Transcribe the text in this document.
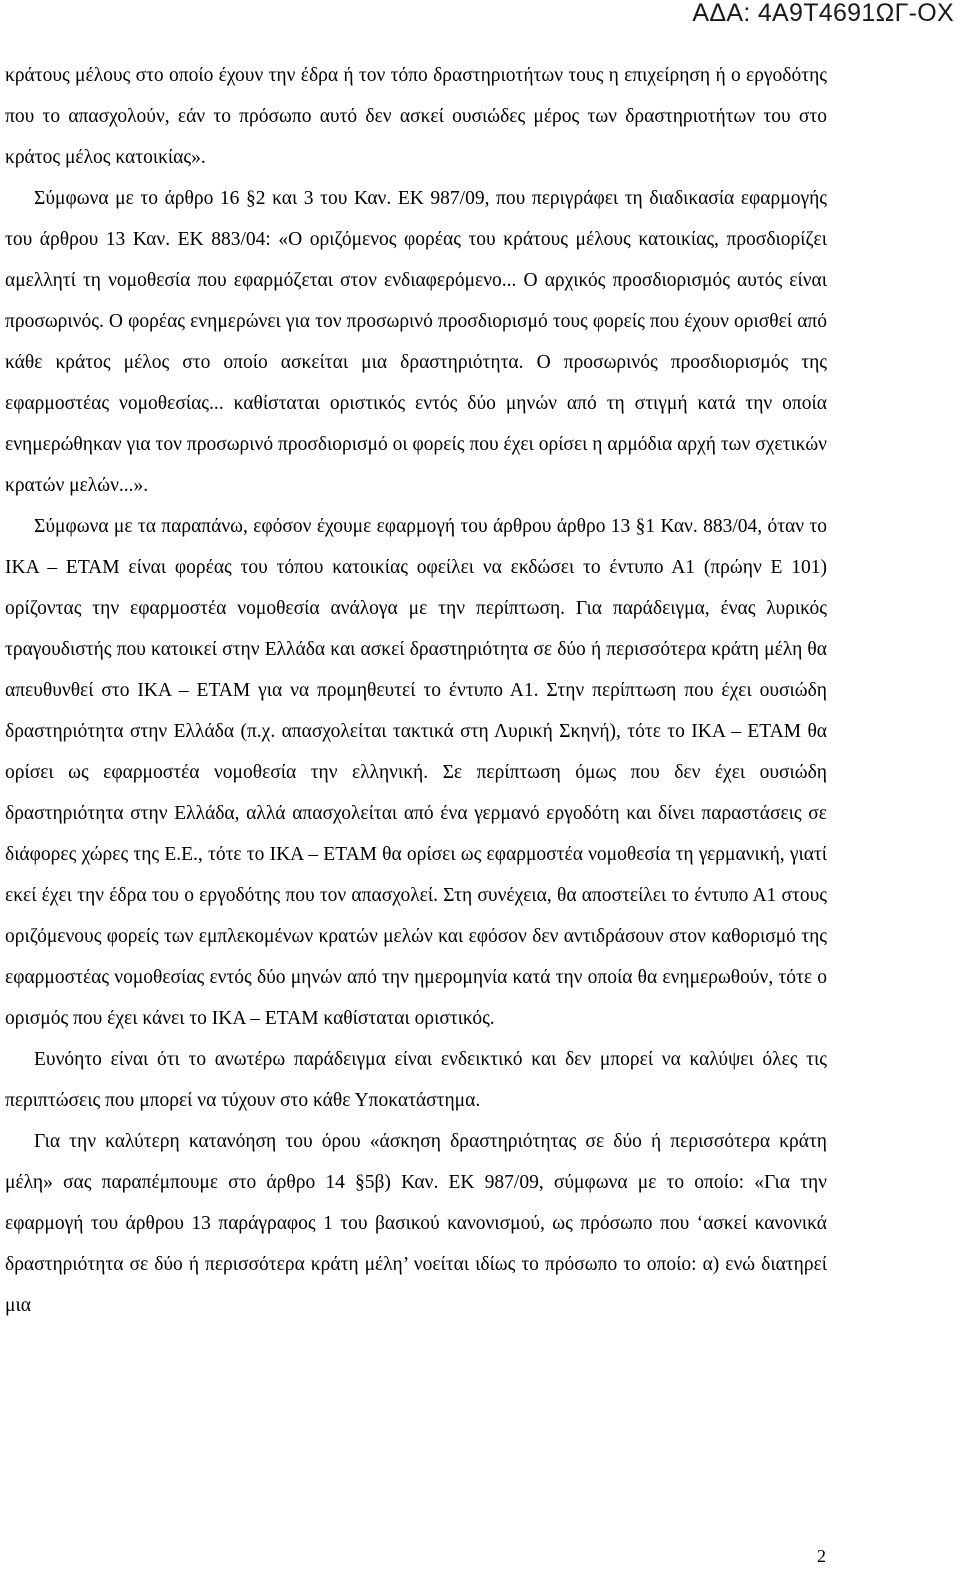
ΑΔΑ: 4Α9Τ4691ΩΓ-ΟΧ

κράτους μέλους στο οποίο έχουν την έδρα ή τον τόπο δραστηριοτήτων τους η επιχείρηση ή ο εργοδότης που το απασχολούν, εάν το πρόσωπο αυτό δεν ασκεί ουσιώδες μέρος των δραστηριοτήτων του στο κράτος μέλος κατοικίας».

Σύμφωνα με το άρθρο 16 §2 και 3 του Καν. ΕΚ 987/09, που περιγράφει τη διαδικασία εφαρμογής του άρθρου 13 Καν. ΕΚ 883/04: «Ο οριζόμενος φορέας του κράτους μέλους κατοικίας, προσδιορίζει αμελλητί τη νομοθεσία που εφαρμόζεται στον ενδιαφερόμενο... Ο αρχικός προσδιορισμός αυτός είναι προσωρινός. Ο φορέας ενημερώνει για τον προσωρινό προσδιορισμό τους φορείς που έχουν ορισθεί από κάθε κράτος μέλος στο οποίο ασκείται μια δραστηριότητα. Ο προσωρινός προσδιορισμός της εφαρμοστέας νομοθεσίας... καθίσταται οριστικός εντός δύο μηνών από τη στιγμή κατά την οποία ενημερώθηκαν για τον προσωρινό προσδιορισμό οι φορείς που έχει ορίσει η αρμόδια αρχή των σχετικών κρατών μελών...».

Σύμφωνα με τα παραπάνω, εφόσον έχουμε εφαρμογή του άρθρου άρθρο 13 §1 Καν. 883/04, όταν το ΙΚΑ – ΕΤΑΜ είναι φορέας του τόπου κατοικίας οφείλει να εκδώσει το έντυπο Α1 (πρώην Ε 101) ορίζοντας την εφαρμοστέα νομοθεσία ανάλογα με την περίπτωση. Για παράδειγμα, ένας λυρικός τραγουδιστής που κατοικεί στην Ελλάδα και ασκεί δραστηριότητα σε δύο ή περισσότερα κράτη μέλη θα απευθυνθεί στο ΙΚΑ – ΕΤΑΜ για να προμηθευτεί το έντυπο Α1. Στην περίπτωση που έχει ουσιώδη δραστηριότητα στην Ελλάδα (π.χ. απασχολείται τακτικά στη Λυρική Σκηνή), τότε το ΙΚΑ – ΕΤΑΜ θα ορίσει ως εφαρμοστέα νομοθεσία την ελληνική. Σε περίπτωση όμως που δεν έχει ουσιώδη δραστηριότητα στην Ελλάδα, αλλά απασχολείται από ένα γερμανό εργοδότη και δίνει παραστάσεις σε διάφορες χώρες της Ε.Ε., τότε το ΙΚΑ – ΕΤΑΜ θα ορίσει ως εφαρμοστέα νομοθεσία τη γερμανική, γιατί εκεί έχει την έδρα του ο εργοδότης που τον απασχολεί. Στη συνέχεια, θα αποστείλει το έντυπο Α1 στους οριζόμενους φορείς των εμπλεκομένων κρατών μελών και εφόσον δεν αντιδράσουν στον καθορισμό της εφαρμοστέας νομοθεσίας εντός δύο μηνών από την ημερομηνία κατά την οποία θα ενημερωθούν, τότε ο ορισμός που έχει κάνει το ΙΚΑ – ΕΤΑΜ καθίσταται οριστικός.

Ευνόητο είναι ότι το ανωτέρω παράδειγμα είναι ενδεικτικό και δεν μπορεί να καλύψει όλες τις περιπτώσεις που μπορεί να τύχουν στο κάθε Υποκατάστημα.

Για την καλύτερη κατανόηση του όρου «άσκηση δραστηριότητας σε δύο ή περισσότερα κράτη μέλη» σας παραπέμπουμε στο άρθρο 14 §5β) Καν. ΕΚ 987/09, σύμφωνα με το οποίο: «Για την εφαρμογή του άρθρου 13 παράγραφος 1 του βασικού κανονισμού, ως πρόσωπο που ‘ασκεί κανονικά δραστηριότητα σε δύο ή περισσότερα κράτη μέλη’ νοείται ιδίως το πρόσωπο το οποίο: α) ενώ διατηρεί μια

2
